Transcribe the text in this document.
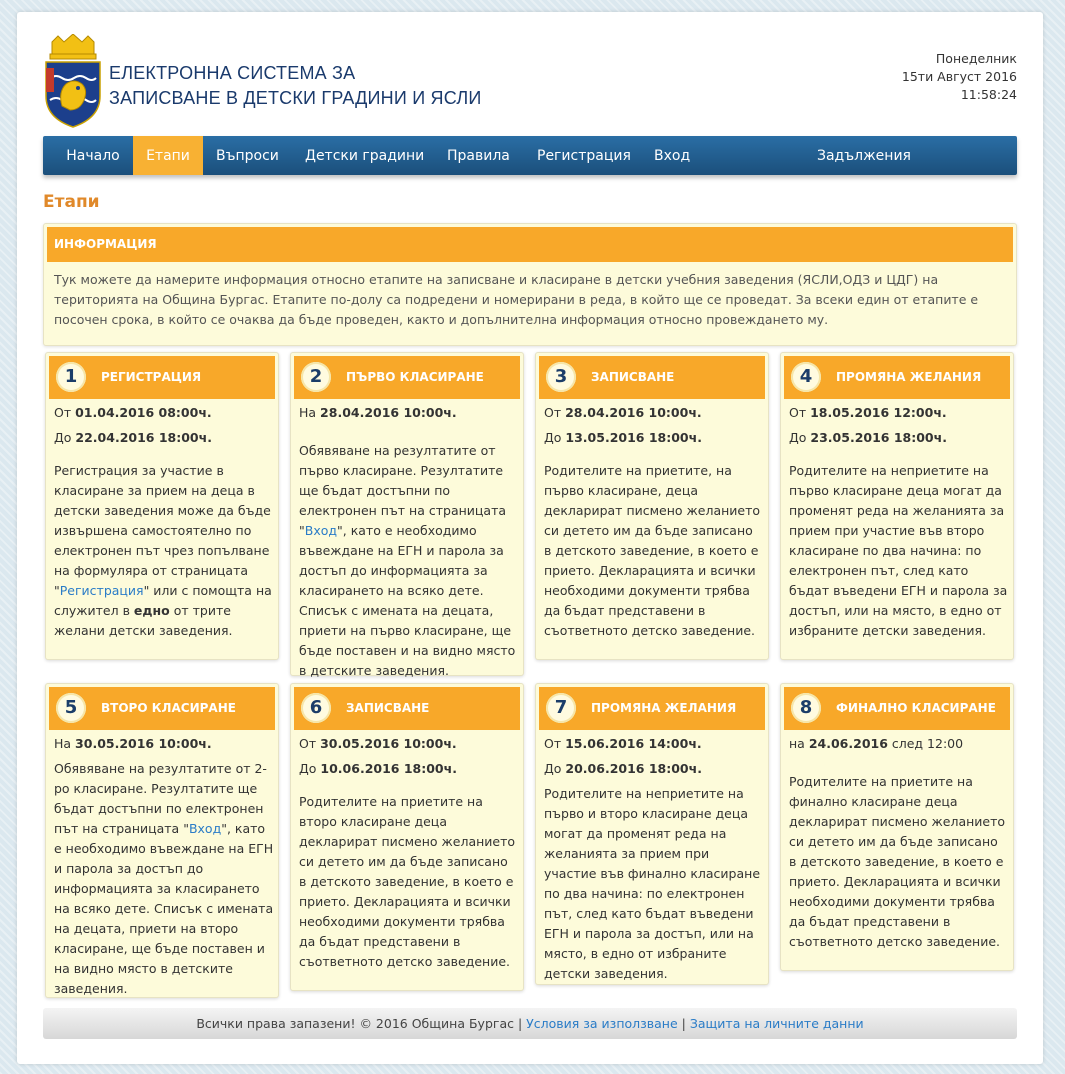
ЕЛЕКТРОННА СИСТЕМА ЗА
ЗАПИСВАНЕ В ДЕТСКИ ГРАДИНИ И ЯСЛИ
Понеделник
15ти Август 2016
11:58:24
Начало	Етапи	Въпроси Детски градини Правила Регистрация Вход	Задължения
Етапи
ИНФОРМАЦИЯ
Тук можете да намерите информация относно етапите на записване и класиране в детски учебния заведения (ЯСЛИ,ОДЗ и ЦДГ) на територията на Община Бургас. Етапите по-долу са подредени и номерирани в реда, в който ще се проведат. За всеки един от етапите е посочен срока, в който се очаква да бъде проведен, както и допълнителна информация относно провеждането му.
1	РЕГИСТРАЦИЯ

От 01.04.2016 08:00ч.

До 22.04.2016 18:00ч.

Регистрация за участие в класиране за прием на деца в детски заведения може да бъде извършена самостоятелно по електронен път чрез попълване на формуляра от страницата "Регистрация" или с помощта на служител в едно от трите желани детски заведения.

2	ПЪРВО КЛАСИРАНЕ

На 28.04.2016 10:00ч.

Обявяване на резултатите от първо класиране. Резултатите ще бъдат достъпни по електронен път на страницата "Вход", като е необходимо въвеждане на ЕГН и парола за достъп до информацията за класирането на всяко дете. Списък с имената на децата, приети на първо класиране, ще бъде поставен и на видно място в детските заведения.

3	ЗАПИСВАНЕ

От 28.04.2016 10:00ч.

До 13.05.2016 18:00ч.

Родителите на приетите, на първо класиране, деца декларират писмено желанието си детето им да бъде записано в детското заведение, в което е прието. Декларацията и всички необходими документи трябва да бъдат представени в съответното детско заведение.

4	ПРОМЯНА ЖЕЛАНИЯ

От 18.05.2016 12:00ч.

До 23.05.2016 18:00ч.

Родителите на неприетите на първо класиране деца могат да променят реда на желанията за прием при участие във второ класиране по два начина: по електронен път, след като бъдат въведени ЕГН и парола за достъп, или на място, в едно от избраните детски заведения.

5	ВТОРО КЛАСИРАНЕ

На 30.05.2016 10:00ч.

Обявяване на резултатите от 2-ро класиране. Резултатите ще бъдат достъпни по електронен път на страницата "Вход", като е необходимо въвеждане на ЕГН и парола за достъп до информацията за класирането на всяко дете. Списък с имената на децата, приети на второ класиране, ще бъде поставен и на видно място в детските заведения.

6	ЗАПИСВАНЕ

От 30.05.2016 10:00ч.

До 10.06.2016 18:00ч.

Родителите на приетите на второ класиране деца декларират писмено желанието си детето им да бъде записано в детското заведение, в което е прието. Декларацията и всички необходими документи трябва да бъдат представени в съответното детско заведение.

7	ПРОМЯНА ЖЕЛАНИЯ

От 15.06.2016 14:00ч.

До 20.06.2016 18:00ч.

Родителите на неприетите на първо и второ класиране деца могат да променят реда на желанията за прием при участие във финално класиране по два начина: по електронен път, след като бъдат въведени ЕГН и парола за достъп, или на място, в едно от избраните детски заведения.

8	ФИНАЛНО КЛАСИРАНЕ

на 24.06.2016 след 12:00

Родителите на приетите на финално класиране деца декларират писмено желанието си детето им да бъде записано в детското заведение, в което е прието. Декларацията и всички необходими документи трябва да бъдат представени в съответното детско заведение.

Всички права запазени! © 2016 Община Бургас | Условия за използване | Защита на личните данни
